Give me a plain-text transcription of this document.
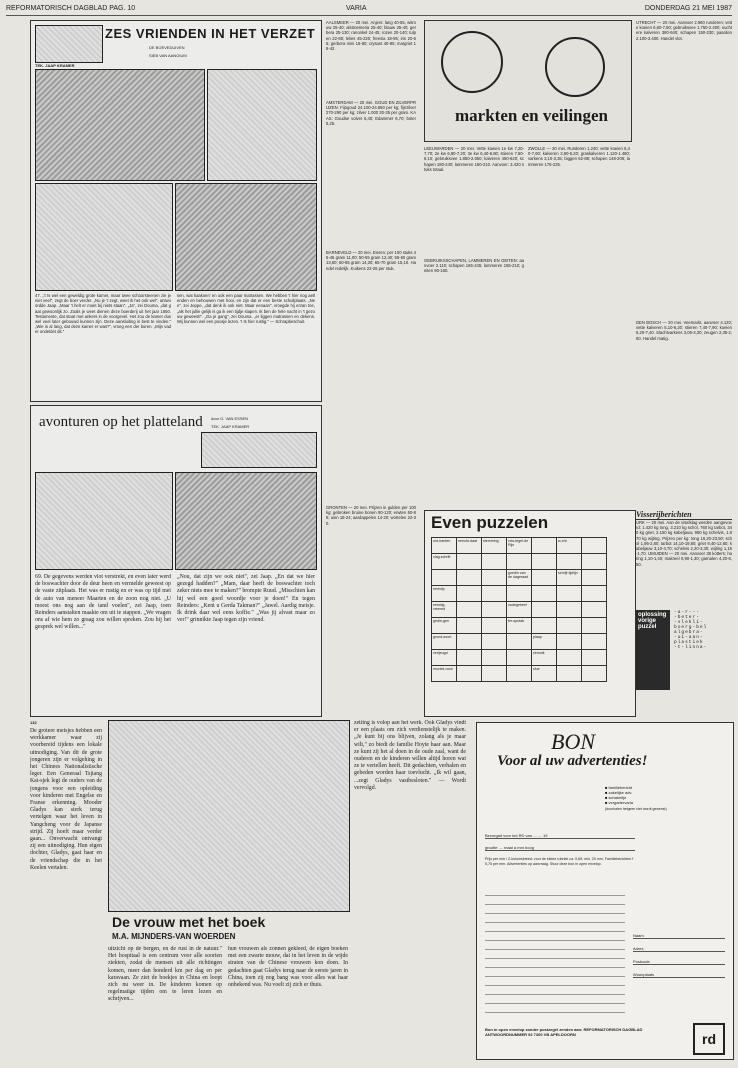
REFORMATORISCH DAGBLAD PAG. 10	VARIA	DONDERDAG 21 MEI 1987
ZES VRIENDEN IN HET VERZET
DE BOEVEDUIVEN
SIEB VAN AANGIUM
TEK. JAAP KRAMER
47. „'t Is wel een geweldig grote kamer, maar twee schoorsteenen zie je niet veel", zegt de boer verder. „Nu je 't zegt, weet ik het ook wel", antwoordde Jaap. „Maar 't helt er moet bij niets staan". „Ja", zei Douma, „dat gaat gewoonlijk zo. Zoals je weet dienen deze boerderij uit het jaar 1650. Testamente, dat staat met ankers in de voorgevel. Het zou de kamer dus wel veel later gebouwd kunnen zijn. Deze aansluiting is best te vinden." „Wie is al lang, dat deze kamer er was?", vroeg een der buren. „Mijn vader ondeldet dit."
sen, wat kaakoen' en ook een paar matrassen. We hebben 't hier nog aetlenden en behouwen met hooi, en zijn dat er een beste schuilplaats. „Nee", zei Jeppe, „dat denk ik ook niet. Maar eenaan", vroegde hij erzan toe, „als het jullie gelijk is ga ik een tijdje slapen. Ik ben de hele nacht in 't gezouw geweest!". „Ga je gang", zei Douma. „er liggen matrassen en dekens. Wij kunnen wel een poosje lezen. 't Is hier rustig." — Schrapbeschuit.
AALSMEER — 20 mei. Anjers: lang 40-55, witrouw 25-40; alstroemeria 25-40; blauw 25-40; gerbera 25-130; ranonkel 24-45; rozen 20-140; tulpen 22-85; lelies 45-220; freesia 18-95; iris 20-65; gerbera mini 18-60; crysant 40-85; margriet 18-42.
AMSTERDAM — 20 mei. GOUD EN ZILVERPRIJZEN. Fijngoud 24.100-24.650 per kg; fijnzilver 270-290 per kg; zilver 1.000 30-35 per gram. KAAS: Goudse volvet 6,40; Edammer 6,70; boter 5,25.
BARNEVELD — 20 mei. Eieren: per 100 stuks 45-46 gram 11,00; 50-55 gram 12,40; 55-60 gram 13,60; 60-65 gram 14,30; 65-70 gram 15,10. Handel redelijk. Kuikens 22-26 per stuk.
markten en veilingen
LEEUWARDEN — 20 mei. Vette koeien 1e kw 7,20-7,70; 2e kw 6,80-7,20; 3e kw 6,40-6,80; stieren 7,60-8,10; gebruiksvee 1.850-2.650; kalveren 450-620; schapen 180-240; lammeren 160-210. Aanvoer: 3.420 stuks totaal.
ZWOLLE — 20 mei. Runderen 1.240; vette koeien 6,40-7,60; kalveren 3,90-5,20; graskalveren 1.120-1.480; varkens 3,10-3,35; biggen 62-88; schapen 148-206; lammeren 175-225.
UTRECHT — 20 mei. Aanvoer 2.960 runderen; vette koeien 6,60-7,80; gebruiksvee 1.750-2.400; nuchtere kalveren 380-640; schapen 150-230; paarden 2.100-3.400. Handel vlot.
DEN BOSCH — 20 mei. Veemarkt, aanvoer 4.120; vette kalveren 5,10-6,20; stieren 7,40-7,90; koeien 6,20-7,40. Slachtvarkens 3,05-3,30; zeugen 2,35-2,60. Handel matig.
avonturen op het platteland door G. VAN ESSEN
TEK. JAAP KRAMER
69. De gegevens werden vlot verstrekt, en even later werd de boswachter door de deur heen en vermelde geweest op de vaste zitplaats. Het was er rustig en er was op tijd met de auto van meneer Maarten en de zoon nog niet. „U moest ons nog aan de tand voelen", zei Jaap, toen Reinders aanstalten maakte om uit te stappen. „We vragen ons af wie hem zo graag zou willen spreken. Zou hij het gesprek wel willen..."
„Nou, dat zijn we ook niet", zei Jaap. „En dat we hier gezegd hadden?" „Mam, daar heeft de boswachter toch zeker niets mee te maken?" brompte Ruud. „Misschien kan hij wel een goed woordje voor je doen!" En tegen Reinders: „Kent u Gerda Takman?" „Jawel. Aardig meisje. Ik drink daar wel eens koffie." „Was jij alvast maar zo ver!" grinnikte Jaap tegen zijn vriend.
GRONTEN — 20 mei. Prijzen in gulden per 100 kg: gebroken bruine bonen 90-120; erwten 60-85; uien 18-24; aardappelen 14-20; wortelen 22-30.
GEBRUIKSSCHAPEN, LAMMEREN EN GEITEN: aanvoer 2.110; schapen 165-245; lammeren 155-210; geiten 90-160.
Even puzzelen
ont-harden	eenold-daat	stemming	rots-tegel-de Rijn		w-cht	
vlag-schrift						
			goedin van de dageraad		schrijf-tijdlijn	
hertvlip						
eenwig-vreemd			oudegeheel			
gedin-gen			ter-spraak			
grond-soort				plaap		
verijeugd				verooik		
muziek-noot				slue		
Visserijberichten
URK — 20 mei. Aan de visafslag werden aangevoerd: 1.420 kg tong, 3.210 kg schol, 760 kg tarbot, 340 kg griet, 2.150 kg kabeljauw, 980 kg schelvis, 1.870 kg wijting. Prijzen per kg: tong 16,20-23,50; schol 1,95-2,80; tarbot 14,10-19,80; griet 9,40-12,60; kabeljauw 3,10-4,70; schelvis 2,20-3,30; wijting 1,15-1,70. IJMUIDEN — 20 mei. Aanvoer 38 kotters; haring 1,10-1,40; makreel 0,90-1,30; garnalen 4,20-6,50.
oplossing vorige puzzel
-a-r---
-beter-
-slekli-
boerg-bel
algebra-
-ui-aan-
plastiek
-t-linna-
132
De grotere meisjes hebben een werkkamer waar zij voorbereid tijdens een lokale uitnodiging. Van dit de grote jongeren zijn er volgehing in het Chinees Nationalistische leger. Een Generaal Tsjiang Kai-sjek legt de ouders van de jongens voor een opleiding voor kinderen met Engelse en Franse erkenning. Mooder Gladys kan sterk terug vertelgen waar het leven in Yangcheng voor de Japanse strijd. Zij hoeft maar verder gaan... Onverwacht ontvangt zij een uitnodiging. Hun eigen dochter, Gladys, gaat haar en de vriendschap die in het Keelen vertalen.
De vrouw met het boek
M.A. MIJNDERS-VAN WOERDEN
uitzicht op de bergen, en de rust in de natuur." Het hospitaal is een centrum voor alle soorten ziekten, zodat de mensen uit alle richtingen komen, meer dan honderd km per dag en per karavaan. Ze ziet de boekjes in China en loopt zich nu weer in. De kinderen komen op regelmatige tijden om te leren lezen en schrijven...
hun vrouwen als zonnen gekleed, de eigen boeken met een zwarte mouw, dat in het leven in de wijde straten van de Chinese vrouwen kon doen. In gedachten gaat Gladys terug naar de eerste jaren in China, toen zij nog bang was voor alles wat haar onbekend was. Nu voelt zij zich er thuis.
zetting is volop aan het werk. Ook Gladys vindt er een plaats om zich verdienstelijk te maken. „Je kunt bij ons blijven, zolang als je maar wilt," zo biedt de familie Hoyte haar aan. Maar ze kunt zij het al doen in de oude zaal, want de ouderen en de kinderen willen altijd horen wat ze te vertellen heeft. Dit gedachten, verhalen en gebeden worden haar toevlucht. „Ik wil gaan, ...zegt Gladys vastbesloten." — Wordt vervolgd.
BON
Voor al uw advertenties!
■ familiebericht
■ zakelijke adv.
■ schakeltje
■ vergadervaria
(doorhalen hetgeen niet wordt gewenst)
Bezorgad voor ind RD van ........ 19
grootte .... maal a mm hoog
Prijs per mm / 2-kolomsbreed: voor de kleine rubriek ca. 0,69; min. 20 mm. Familieberichten f 5,75 per mm. Advertenties op aanvraag. Stuur deze bon in open envelop.
Naam
Adres
Postcode
Woonplaats
Bon in open envelop zonder postzegel zenden aan: REFORMATORISCH DAGBLAD ANTWOORDNUMMER 92 7300 VB APELDOORN	rd
